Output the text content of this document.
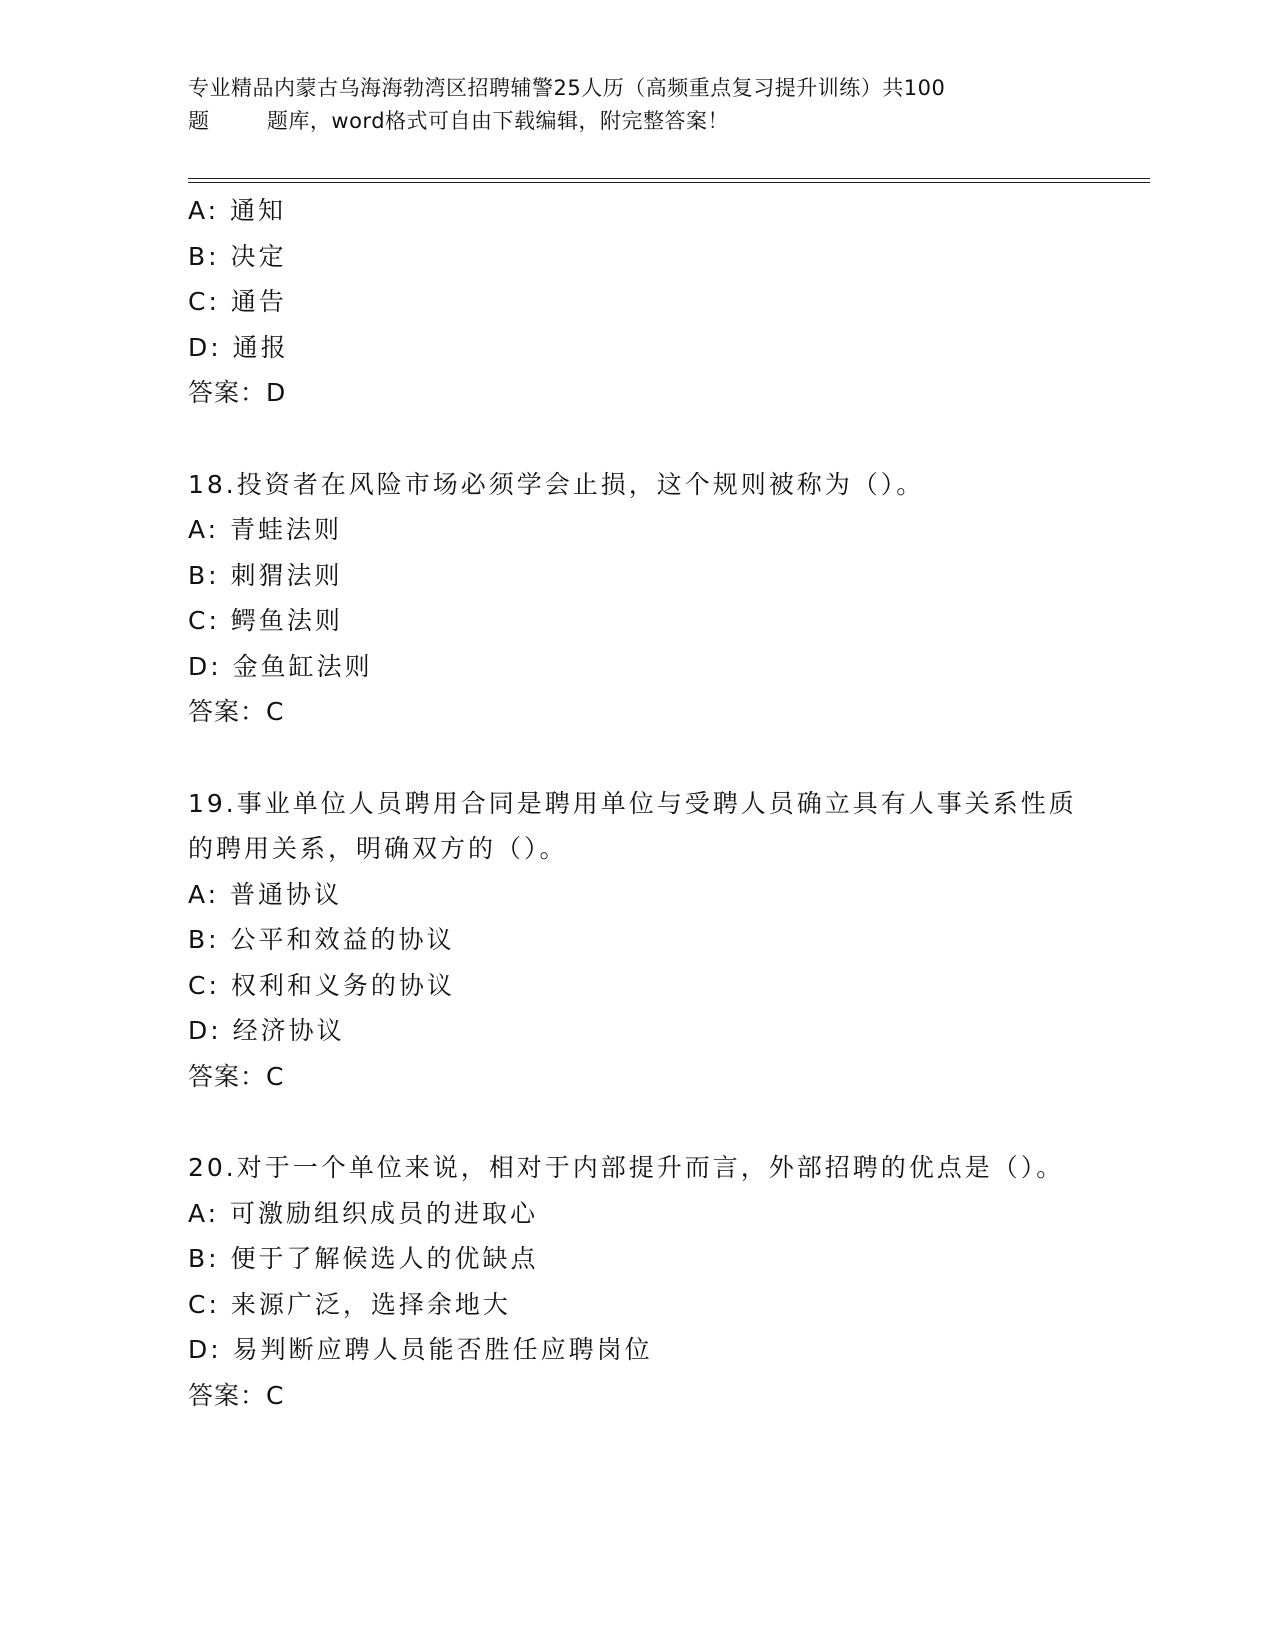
专业精品内蒙古乌海海勃湾区招聘辅警25人历（高频重点复习提升训练）共100
题        题库，word格式可自由下载编辑，附完整答案！
A: 通知
B: 决定
C: 通告
D: 通报
答案：D
18.投资者在风险市场必须学会止损，这个规则被称为（）。
A: 青蛙法则
B: 刺猬法则
C: 鳄鱼法则
D: 金鱼缸法则
答案：C
19.事业单位人员聘用合同是聘用单位与受聘人员确立具有人事关系性质的聘用关系，明确双方的（）。
A: 普通协议
B: 公平和效益的协议
C: 权利和义务的协议
D: 经济协议
答案：C
20.对于一个单位来说，相对于内部提升而言，外部招聘的优点是（）。
A: 可激励组织成员的进取心
B: 便于了解候选人的优缺点
C: 来源广泛，选择余地大
D: 易判断应聘人员能否胜任应聘岗位
答案：C
